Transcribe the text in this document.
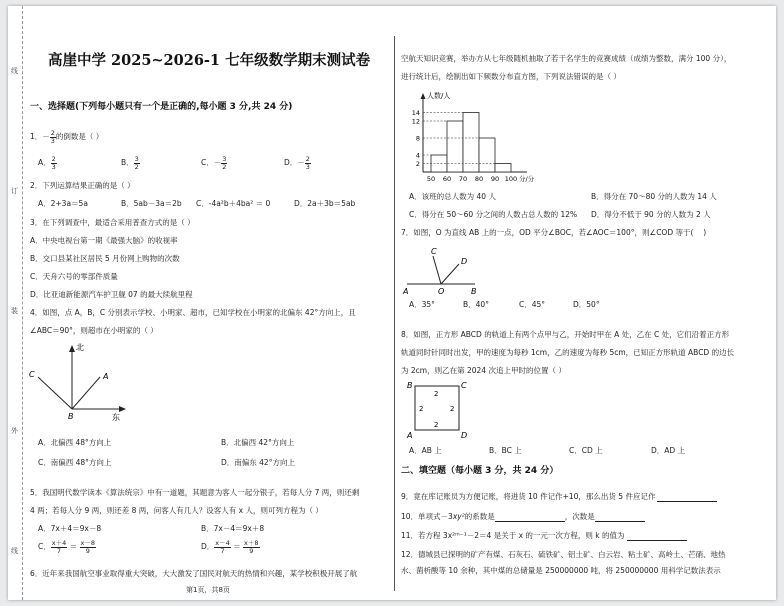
线
订
装
外
线
高崖中学 2025~2026-1 七年级数学期末测试卷
一、选择题(下列每小题只有一个是正确的,每小题 3 分,共 24 分)
1．－ $\frac{2}{3}$ 的倒数是（ ）
A． $\frac{2}{3}$	B． $\frac{3}{2}$	C．－ $\frac{3}{2}$	D．－ $\frac{2}{3}$
2．下列运算结果正确的是（ ）
A．2+3a＝5a	B．5ab－3a＝2b C．-4a²b＋4ba² ＝ 0	D．2a＋3b＝5ab
3．在下列调查中，最适合采用普查方式的是（ ）
A．中央电视台第一期《最强大脑》的收视率
B．交口县某社区居民 5 月份网上购物的次数
C．天舟六号的零部件质量
D．比亚迪新能源汽车护卫舰 07 的最大续航里程
4．如图，点 A，B，C 分别表示学校、小明家、超市，已知学校在小明家的北偏东 42°方向上，且
∠ABC＝90°，则超市在小明家的（ ）
北
东
A
C
B
A．北偏西 48°方向上	B．北偏西 42°方向上
C．南偏西 48°方向上	D．南偏东 42°方向上
5．我国明代数学读本《算法统宗》中有一道题，其题意为客人一起分银子，若每人分 7 两，则还剩
4 两；若每人分 9 两，则还差 8 两，问客人有几人？设客人有 x 人，则可列方程为（ ）
A．7x＋4＝9x－8	B．7x－4＝9x＋8
C． $\frac{x+4}{7} = \frac{x-8}{9}$	D． $\frac{x-4}{7} = \frac{x+8}{9}$
6．近年来我国航空事业取得重大突破，大大激发了国民对航天的热情和兴趣，某学校积极开展了航
第1页，共8页
空航天知识竞赛，举办方从七年级随机抽取了若干名学生的竞赛成绩（成绩为整数，满分 100 分），
进行统计后，绘制出如下频数分布直方图，下列说法错误的是（ ）
2
4
8
12
14
50 60 70 80 90 100
人数/人
分/分
A．该班的总人数为 40 人	B．得分在 70～80 分的人数为 14 人
C．得分在 50～60 分之间的人数占总人数的 12% D．得分不低于 90 分的人数为 2 人
7．如图，O 为直线 AB 上的一点，OD 平分∠BOC，若∠AOC＝100°，则∠COD 等于(　 )
A	O	B
C
D
A．35°	B．40°	C．45°	D．50°
8．如图，正方形 ABCD 的轨道上有两个点甲与乙，开始时甲在 A 处，乙在 C 处，它们沿着正方形
轨道同时针同时出发，甲的速度为每秒 1cm，乙的速度为每秒 5cm，已知正方形轨道 ABCD 的边长
为 2cm，则乙在第 2024 次追上甲时的位置（ ）
B	C
A	D
2
2	2
2
A．AB 上	B．BC 上	C．CD 上	D．AD 上
二、填空题（每小题 3 分，共 24 分）
9．竟在库记账员为方便记账，将进货 10 件记作+10，那么出货 5 件应记作
10．单项式－3xy²的系数是	，次数是
11．若方程 3x²ᵐ⁻¹－2＝4 是关于 x 的一元一次方程，则 k 的值为
12．德城县已探明的矿产有煤、石灰石、硫铁矿、铝土矿、白云岩、粘土矿、高岭土、芒硝、地热
水、菌析酸等 10 余种，其中煤的总储量是 250000000 吨，将 250000000 用科学记数法表示
